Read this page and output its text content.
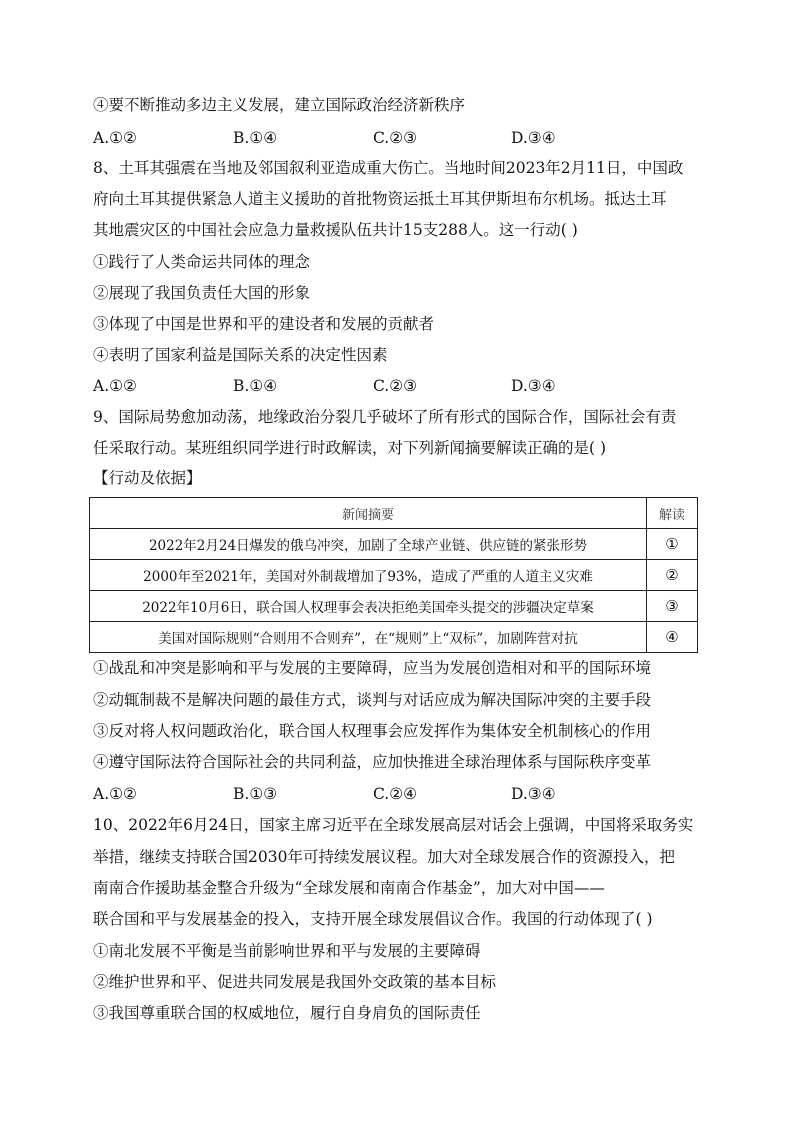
④要不断推动多边主义发展，建立国际政治经济新秩序
A.①②	B.①④	C.②③	D.③④
8、土耳其强震在当地及邻国叙利亚造成重大伤亡。当地时间2023年2月11日，中国政
府向土耳其提供紧急人道主义援助的首批物资运抵土耳其伊斯坦布尔机场。抵达土耳
其地震灾区的中国社会应急力量救援队伍共计15支288人。这一行动( )
①践行了人类命运共同体的理念
②展现了我国负责任大国的形象
③体现了中国是世界和平的建设者和发展的贡献者
④表明了国家利益是国际关系的决定性因素
A.①②	B.①④	C.②③	D.③④
9、国际局势愈加动荡，地缘政治分裂几乎破坏了所有形式的国际合作，国际社会有责
任采取行动。某班组织同学进行时政解读，对下列新闻摘要解读正确的是( )
【行动及依据】
新闻摘要	解读
2022年2月24日爆发的俄乌冲突，加剧了全球产业链、供应链的紧张形势	①
2000年至2021年，美国对外制裁增加了93%，造成了严重的人道主义灾难	②
2022年10月6日，联合国人权理事会表决拒绝美国牵头提交的涉疆决定草案	③
美国对国际规则“合则用不合则弃”，在“规则”上“双标”，加剧阵营对抗	④
①战乱和冲突是影响和平与发展的主要障碍，应当为发展创造相对和平的国际环境
②动辄制裁不是解决问题的最佳方式，谈判与对话应成为解决国际冲突的主要手段
③反对将人权问题政治化，联合国人权理事会应发挥作为集体安全机制核心的作用
④遵守国际法符合国际社会的共同利益，应加快推进全球治理体系与国际秩序变革
A.①②	B.①③	C.②④	D.③④
10、2022年6月24日，国家主席习近平在全球发展高层对话会上强调，中国将采取务实
举措，继续支持联合国2030年可持续发展议程。加大对全球发展合作的资源投入，把
南南合作援助基金整合升级为“全球发展和南南合作基金”，加大对中国——
联合国和平与发展基金的投入，支持开展全球发展倡议合作。我国的行动体现了( )
①南北发展不平衡是当前影响世界和平与发展的主要障碍
②维护世界和平、促进共同发展是我国外交政策的基本目标
③我国尊重联合国的权威地位，履行自身肩负的国际责任
